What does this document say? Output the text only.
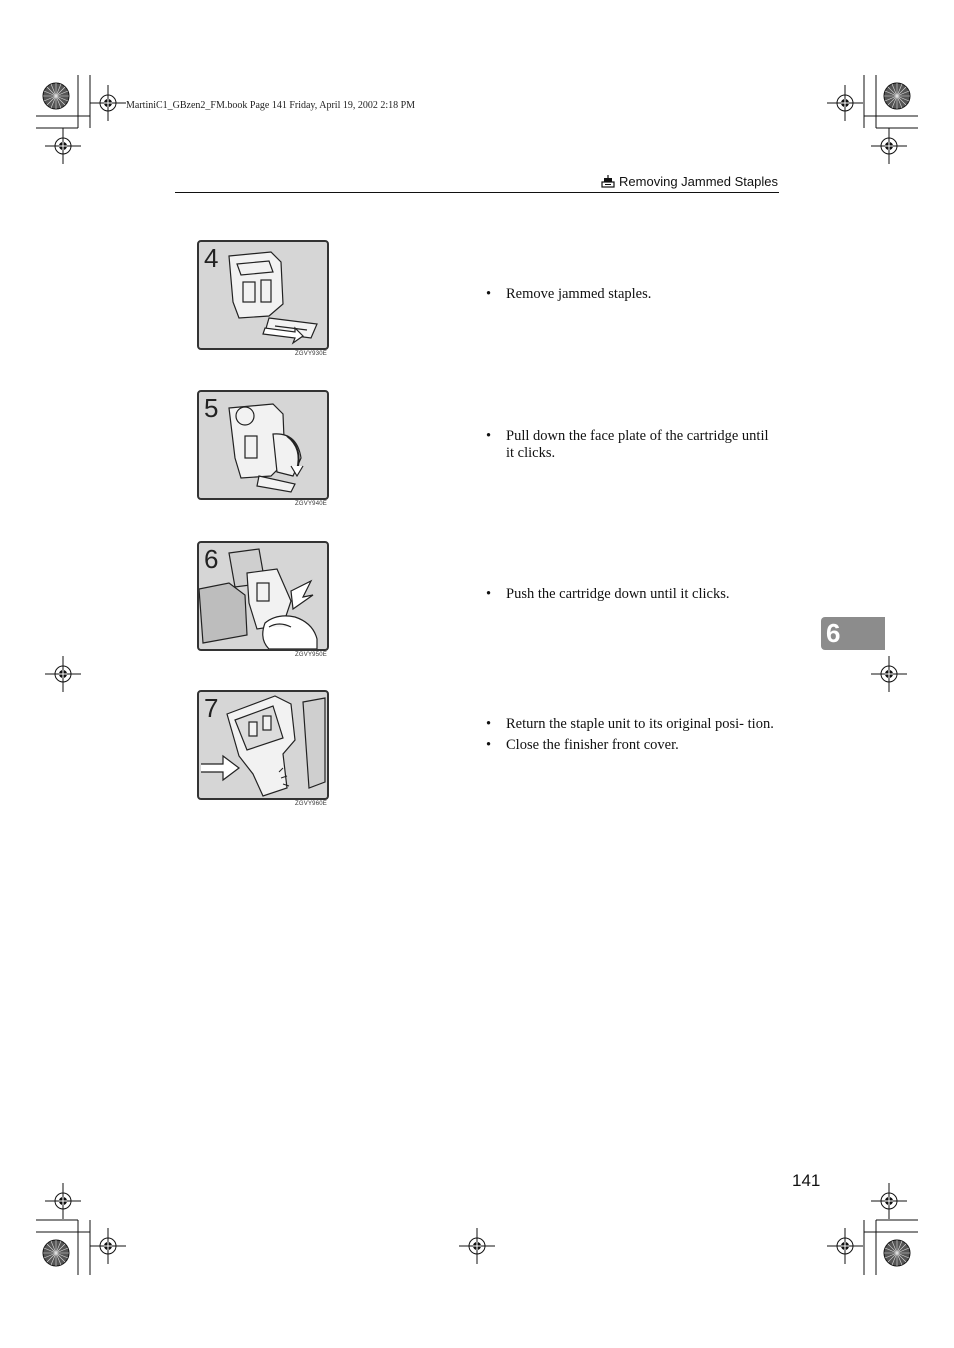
MartiniC1_GBzen2_FM.book Page 141 Friday, April 19, 2002 2:18 PM
Removing Jammed Staples
4
ZGVY930E
• Remove jammed staples.
5
ZGVY940E
• Pull down the face plate of the cartridge until it clicks.
6
ZGVY950E
• Push the cartridge down until it clicks.
7
ZGVY960E
• Return the staple unit to its original posi- tion.
• Close the finisher front cover.
6
141
